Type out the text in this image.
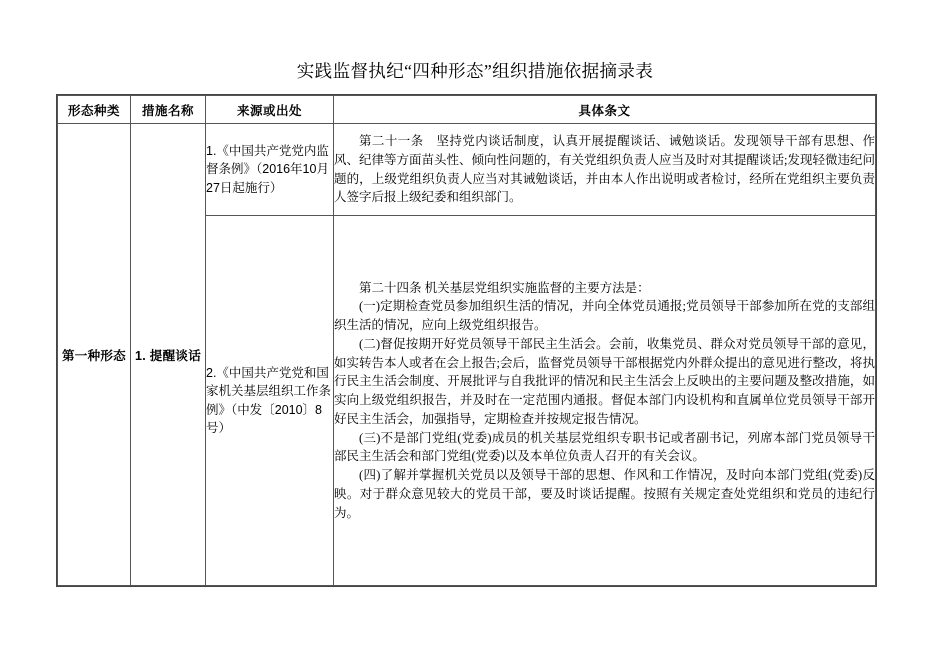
实践监督执纪“四种形态”组织措施依据摘录表
形态种类	措施名称	来源或出处	具体条文
第一种形态	1. 提醒谈话	1.《中国共产党党内监督条例》（2016年10月27日起施行）	第二十一条　坚持党内谈话制度，认真开展提醒谈话、诫勉谈话。发现领导干部有思想、作风、纪律等方面苗头性、倾向性问题的，有关党组织负责人应当及时对其提醒谈话;发现轻微违纪问题的，上级党组织负责人应当对其诫勉谈话，并由本人作出说明或者检讨，经所在党组织主要负责人签字后报上级纪委和组织部门。

		2.《中国共产党党和国家机关基层组织工作条例》（中发〔2010〕8号）	第二十四条 机关基层党组织实施监督的主要方法是：

(一)定期检查党员参加组织生活的情况，并向全体党员通报;党员领导干部参加所在党的支部组织生活的情况，应向上级党组织报告。

(二)督促按期开好党员领导干部民主生活会。会前，收集党员、群众对党员领导干部的意见，如实转告本人或者在会上报告;会后，监督党员领导干部根据党内外群众提出的意见进行整改，将执行民主生活会制度、开展批评与自我批评的情况和民主生活会上反映出的主要问题及整改措施，如实向上级党组织报告，并及时在一定范围内通报。督促本部门内设机构和直属单位党员领导干部开好民主生活会，加强指导，定期检查并按规定报告情况。

(三)不是部门党组(党委)成员的机关基层党组织专职书记或者副书记，列席本部门党员领导干部民主生活会和部门党组(党委)以及本单位负责人召开的有关会议。

(四)了解并掌握机关党员以及领导干部的思想、作风和工作情况，及时向本部门党组(党委)反映。对于群众意见较大的党员干部，要及时谈话提醒。按照有关规定查处党组织和党员的违纪行为。
